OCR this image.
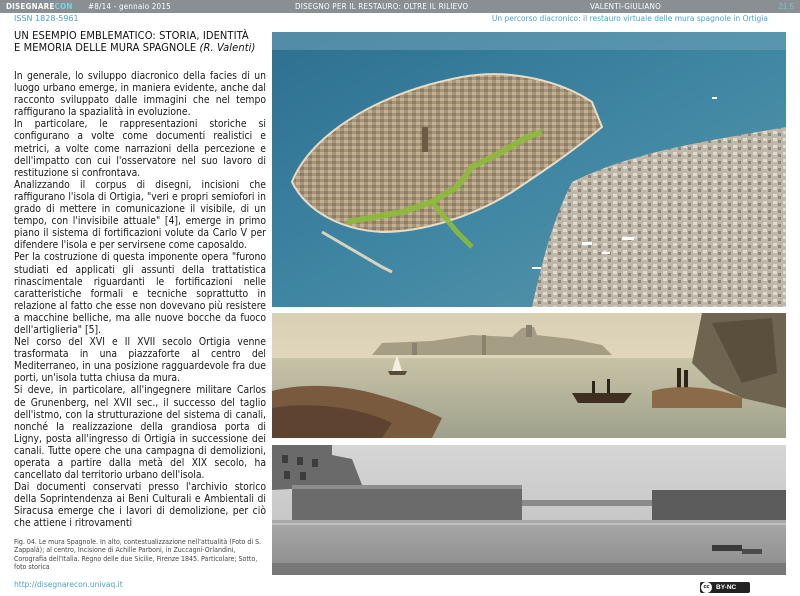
DISEGNARECON #8/14 - gennaio 2015	DISEGNO PER IL RESTAURO: OLTRE IL RILIEVO	VALENTI-GIULIANO	21.5
ISSN 1828-5961	Un percorso diacronico: il restauro virtuale delle mura spagnole in Ortigia
UN ESEMPIO EMBLEMATICO: STORIA, IDENTITÀ
E MEMORIA DELLE MURA SPAGNOLE (R. Valenti)

In generale, lo sviluppo diacronico della facies di un luogo urbano emerge, in maniera evidente, anche dal racconto sviluppato dalle immagini che nel tempo raffigurano la spazialità in evoluzione.

In particolare, le rappresentazioni storiche si configurano a volte come documenti realistici e metrici, a volte come narrazioni della percezione e dell'impatto con cui l'osservatore nel suo lavoro di restituzione si confrontava.

Analizzando il corpus di disegni, incisioni che raffigurano l'isola di Ortigia, "veri e propri semiofori in grado di mettere in comunicazione il visibile, di un tempo, con l'invisibile attuale" [4], emerge in primo piano il sistema di fortificazioni volute da Carlo V per difendere l'isola e per servirsene come caposaldo.

Per la costruzione di questa imponente opera "furono studiati ed applicati gli assunti della trattatistica rinascimentale riguardanti le fortificazioni nelle caratteristiche formali e tecniche soprattutto in relazione al fatto che esse non dovevano più resistere a macchine belliche, ma alle nuove bocche da fuoco dell'artiglieria" [5].

Nel corso del XVI e Il XVII secolo Ortigia venne trasformata in una piazzaforte al centro del Mediterraneo, in una posizione ragguardevole fra due porti, un'isola tutta chiusa da mura.

Si deve, in particolare, all'ingegnere militare Carlos de Grunenberg, nel XVII sec., il successo del taglio dell'istmo, con la strutturazione del sistema di canali, nonché la realizzazione della grandiosa porta di Ligny, posta all'ingresso di Ortigia in successione dei canali. Tutte opere che una campagna di demolizioni, operata a partire dalla metà del XIX secolo, ha cancellato dal territorio urbano dell'isola.

Dai documenti conservati presso l'archivio storico della Soprintendenza ai Beni Culturali e Ambientali di Siracusa emerge che i lavori di demolizione, per ciò che attiene i ritrovamenti

Fig. 04. Le mura Spagnole. In alto, contestualizzazione nell'attualità (Foto di S. Zappalà); al centro, Incisione di Achille Parboni, in Zuccagni-Orlandini, Corografia dell'Italia. Regno delle due Sicilie, Firenze 1845. Particolare; Sotto, foto storica
http://disegnarecon.univaq.it	cc BY-NC
